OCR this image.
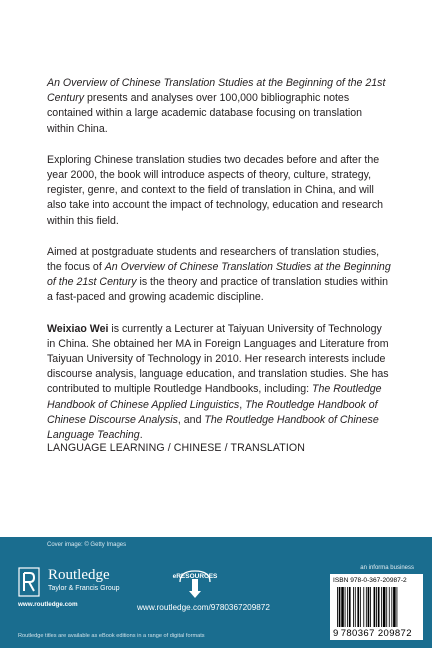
An Overview of Chinese Translation Studies at the Beginning of the 21st Century presents and analyses over 100,000 bibliographic notes contained within a large academic database focusing on translation within China.

Exploring Chinese translation studies two decades before and after the year 2000, the book will introduce aspects of theory, culture, strategy, register, genre, and context to the field of translation in China, and will also take into account the impact of technology, education and research within this field.

Aimed at postgraduate students and researchers of translation studies, the focus of An Overview of Chinese Translation Studies at the Beginning of the 21st Century is the theory and practice of translation studies within a fast-paced and growing academic discipline.

Weixiao Wei is currently a Lecturer at Taiyuan University of Technology in China. She obtained her MA in Foreign Languages and Literature from Taiyuan University of Technology in 2010. Her research interests include discourse analysis, language education, and translation studies. She has contributed to multiple Routledge Handbooks, including: The Routledge Handbook of Chinese Applied Linguistics, The Routledge Handbook of Chinese Discourse Analysis, and The Routledge Handbook of Chinese Language Teaching.

LANGUAGE LEARNING / CHINESE / TRANSLATION
Cover image: © Getty Images
an informa business
Routledge
Taylor & Francis Group
www.routledge.com
eRESOURCES
www.routledge.com/9780367209872
Routledge titles are available as eBook editions in a range of digital formats
ISBN 978-0-367-20987-2
9 780367 209872
